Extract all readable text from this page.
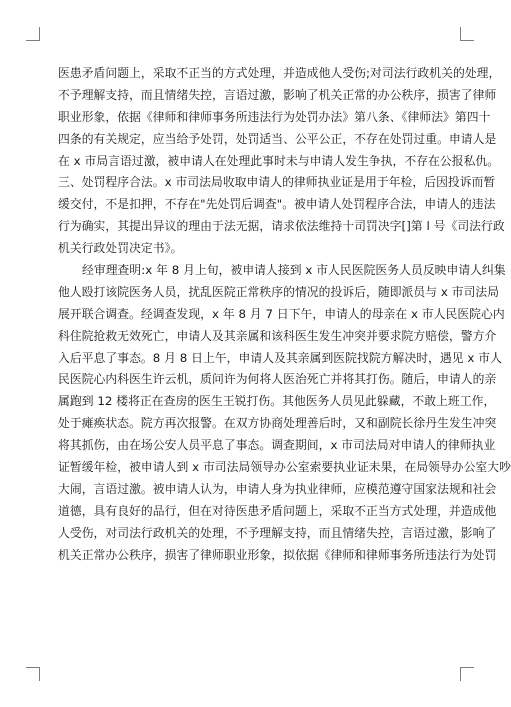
医患矛盾问题上，采取不正当的方式处理，并造成他人受伤;对司法行政机关的处理，
不予理解支持，而且情绪失控，言语过激，影响了机关正常的办公秩序，损害了律师
职业形象，依据《律师和律师事务所违法行为处罚办法》第八条、《律师法》第四十
四条的有关规定，应当给予处罚，处罚适当、公平公正，不存在处罚过重。申请人是
在 x 市局言语过激，被申请人在处理此事时未与申请人发生争执，不存在公报私仇。
三、处罚程序合法。x 市司法局收取申请人的律师执业证是用于年检，后因投诉而暂
缓交付，不是扣押，不存在"先处罚后调查"。被申请人处罚程序合法，申请人的违法
行为确实，其提出异议的理由于法无据，请求依法维持十司罚决字[]第 l 号《司法行政
机关行政处罚决定书》。
经审理查明:x 年 8 月上旬，被申请人接到 x 市人民医院医务人员反映申请人纠集
他人殴打该院医务人员，扰乱医院正常秩序的情况的投诉后，随即派员与 x 市司法局
展开联合调查。经调查发现，x 年 8 月 7 日下午，申请人的母亲在 x 市人民医院心内
科住院抢救无效死亡，申请人及其亲属和该科医生发生冲突并要求院方赔偿，警方介
入后平息了事态。8 月 8 日上午，申请人及其亲属到医院找院方解决时，遇见 x 市人
民医院心内科医生许云机，质问许为何将人医治死亡并将其打伤。随后，申请人的亲
属跑到 12 楼将正在查房的医生王锐打伤。其他医务人员见此躲藏，不敢上班工作，
处于瘫痪状态。院方再次报警。在双方协商处理善后时，又和副院长徐丹生发生冲突
将其抓伤，由在场公安人员平息了事态。调查期间，x 市司法局对申请人的律师执业
证暂缓年检，被申请人到 x 市司法局领导办公室索要执业证未果，在局领导办公室大吵
大闹，言语过激。被申请人认为，申请人身为执业律师，应模范遵守国家法规和社会
道德，具有良好的品行，但在对待医患矛盾问题上，采取不正当方式处理，并造成他
人受伤，对司法行政机关的处理，不予理解支持，而且情绪失控，言语过激，影响了
机关正常办公秩序，损害了律师职业形象，拟依据《律师和律师事务所违法行为处罚
